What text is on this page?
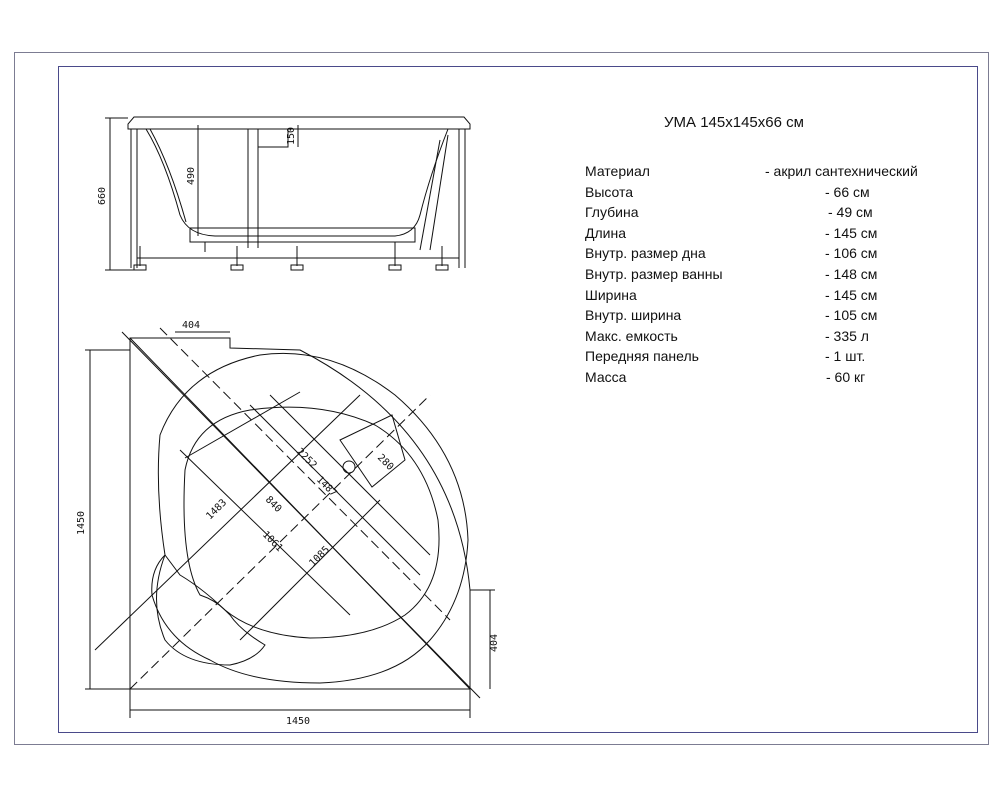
660
490
150
1450
1450
404
404
2252	280
1487
1483	840
1061
1085
УМА 145х145х66 см
Материал	- акрил сантехнический
Высота	- 66 см
Глубина	- 49 см
Длина	- 145 см
Внутр. размер дна	- 106 см
Внутр. размер ванны	- 148 см
Ширина	- 145 см
Внутр. ширина	- 105 см
Макс. емкость	- 335 л
Передняя панель	- 1 шт.
Масса	- 60 кг
